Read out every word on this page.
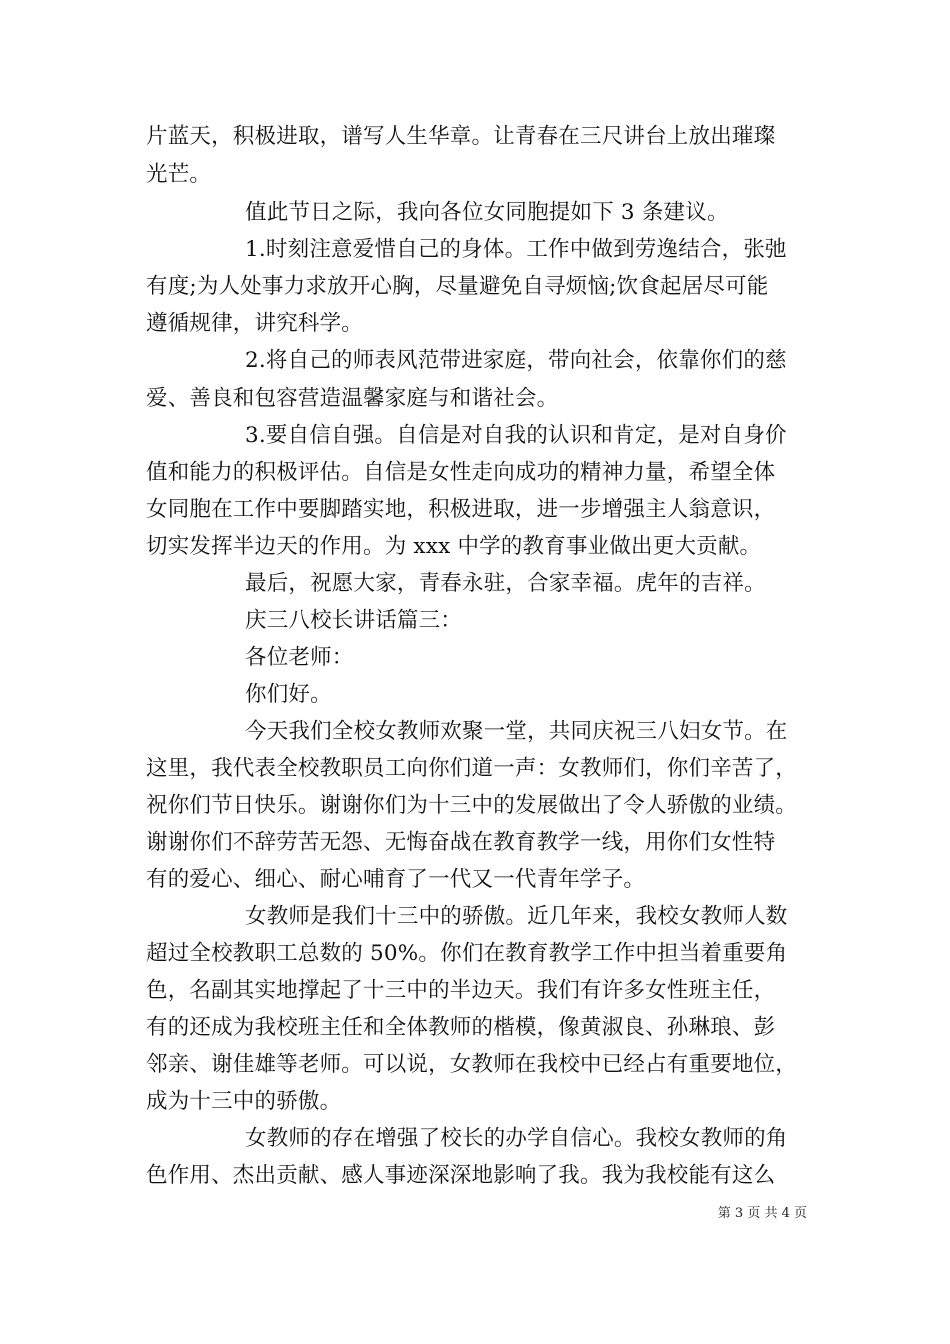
片蓝天，积极进取，谱写人生华章。让青春在三尺讲台上放出璀璨
光芒。
值此节日之际，我向各位女同胞提如下 3 条建议。
1.时刻注意爱惜自己的身体。工作中做到劳逸结合，张弛
有度;为人处事力求放开心胸，尽量避免自寻烦恼;饮食起居尽可能
遵循规律，讲究科学。
2.将自己的师表风范带进家庭，带向社会，依靠你们的慈
爱、善良和包容营造温馨家庭与和谐社会。
3.要自信自强。自信是对自我的认识和肯定，是对自身价
值和能力的积极评估。自信是女性走向成功的精神力量，希望全体
女同胞在工作中要脚踏实地，积极进取，进一步增强主人翁意识，
切实发挥半边天的作用。为 xxx 中学的教育事业做出更大贡献。
最后，祝愿大家，青春永驻，合家幸福。虎年的吉祥。
庆三八校长讲话篇三：
各位老师：
你们好。
今天我们全校女教师欢聚一堂，共同庆祝三八妇女节。在
这里，我代表全校教职员工向你们道一声：女教师们，你们辛苦了，
祝你们节日快乐。谢谢你们为十三中的发展做出了令人骄傲的业绩。
谢谢你们不辞劳苦无怨、无悔奋战在教育教学一线，用你们女性特
有的爱心、细心、耐心哺育了一代又一代青年学子。
女教师是我们十三中的骄傲。近几年来，我校女教师人数
超过全校教职工总数的 50%。你们在教育教学工作中担当着重要角
色，名副其实地撑起了十三中的半边天。我们有许多女性班主任，
有的还成为我校班主任和全体教师的楷模，像黄淑良、孙琳琅、彭
邻亲、谢佳雄等老师。可以说，女教师在我校中已经占有重要地位，
成为十三中的骄傲。
女教师的存在增强了校长的办学自信心。我校女教师的角
色作用、杰出贡献、感人事迹深深地影响了我。我为我校能有这么
第 3 页 共 4 页
